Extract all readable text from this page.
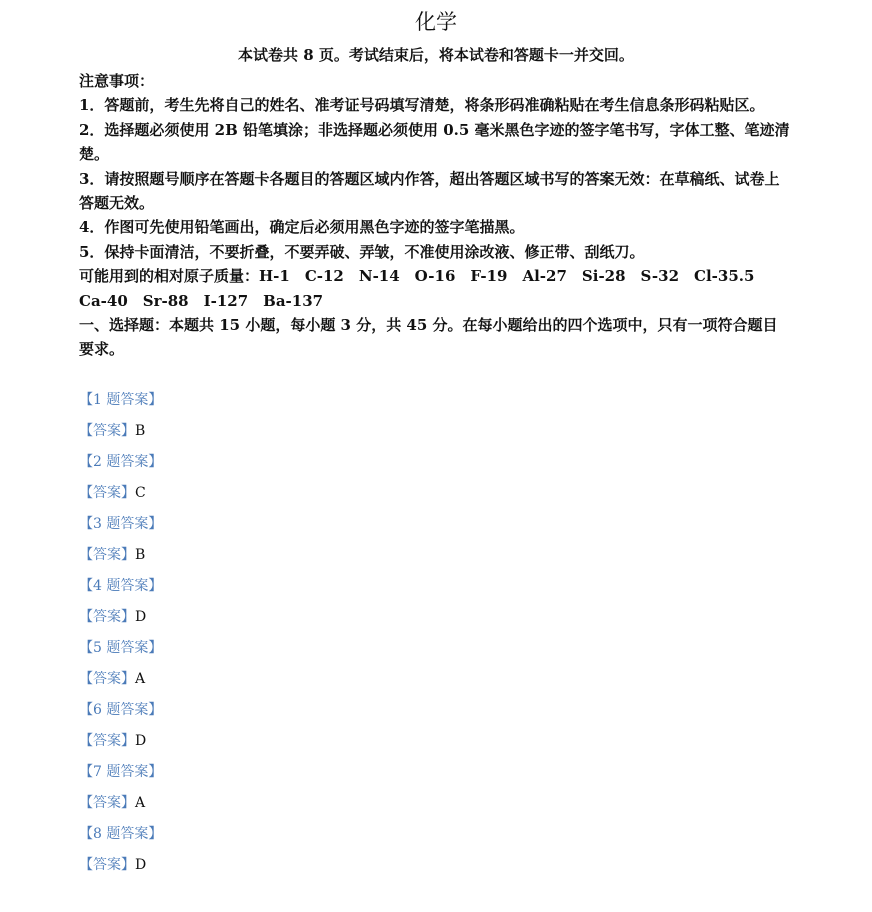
化学
本试卷共 8 页。考试结束后，将本试卷和答题卡一并交回。

注意事项：

1．答题前，考生先将自己的姓名、准考证号码填写清楚，将条形码准确粘贴在考生信息条形码粘贴区。

2．选择题必须使用 2B 铅笔填涂；非选择题必须使用 0.5 毫米黑色字迹的签字笔书写，字体工整、笔迹清楚。

3．请按照题号顺序在答题卡各题目的答题区域内作答，超出答题区域书写的答案无效：在草稿纸、试卷上答题无效。

4．作图可先使用铅笔画出，确定后必须用黑色字迹的签字笔描黑。

5．保持卡面清洁，不要折叠，不要弄破、弄皱，不准使用涂改液、修正带、刮纸刀。

可能用到的相对原子质量：H-1　C-12　N-14　O-16　F-19　Al-27　Si-28　S-32　Cl-35.5　Ca-40　Sr-88　I-127　Ba-137

一、选择题：本题共 15 小题，每小题 3 分，共 45 分。在每小题给出的四个选项中，只有一项符合题目要求。

【1 题答案】
【答案】B
【2 题答案】
【答案】C
【3 题答案】
【答案】B
【4 题答案】
【答案】D
【5 题答案】
【答案】A
【6 题答案】
【答案】D
【7 题答案】
【答案】A
【8 题答案】
【答案】D
